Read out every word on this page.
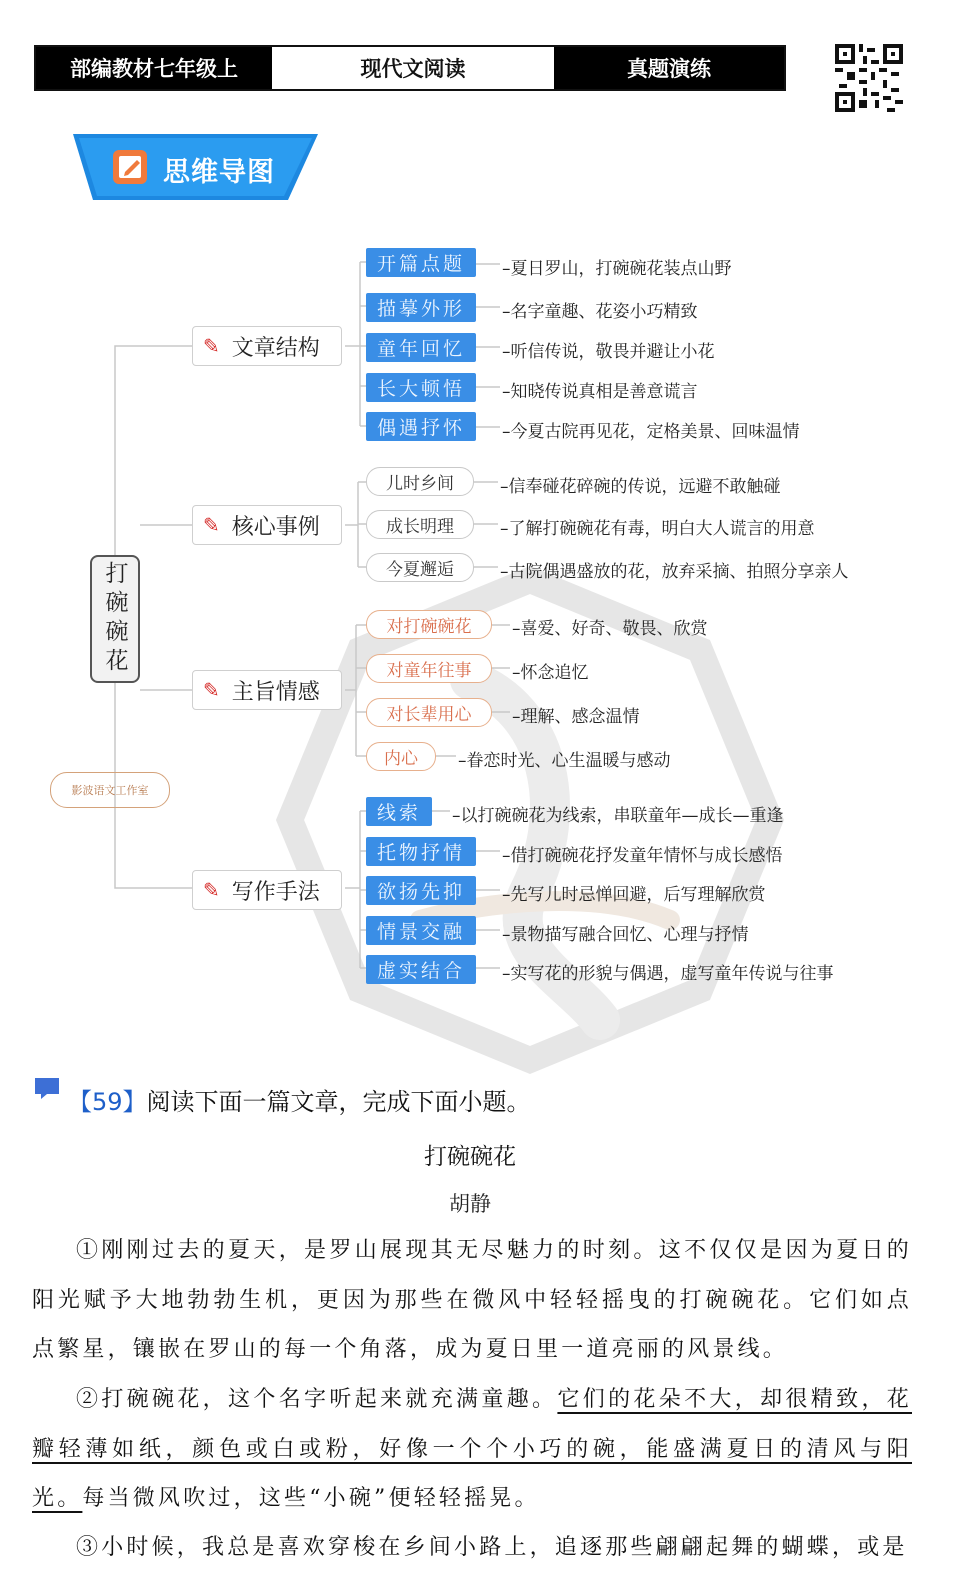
部编教材七年级上	现代文阅读	真题演练
思维导图
打碗碗花
影波语文工作室
✎ 文章结构
✎ 核心事例
✎ 主旨情感
✎ 写作手法
开篇点题	–夏日罗山，打碗碗花装点山野
描摹外形	–名字童趣、花姿小巧精致
童年回忆	–听信传说，敬畏并避让小花
长大顿悟	–知晓传说真相是善意谎言
偶遇抒怀	–今夏古院再见花，定格美景、回味温情
儿时乡间	–信奉碰花碎碗的传说，远避不敢触碰
成长明理	–了解打碗碗花有毒，明白大人谎言的用意
今夏邂逅	–古院偶遇盛放的花，放弃采摘、拍照分享亲人
对打碗碗花	–喜爱、好奇、敬畏、欣赏
对童年往事	–怀念追忆
对长辈用心	–理解、感念温情
内心	–眷恋时光、心生温暖与感动
线索	–以打碗碗花为线索，串联童年—成长—重逢
托物抒情	–借打碗碗花抒发童年情怀与成长感悟
欲扬先抑	–先写儿时忌惮回避，后写理解欣赏
情景交融	–景物描写融合回忆、心理与抒情
虚实结合	–实写花的形貌与偶遇，虚写童年传说与往事
【59】阅读下面一篇文章，完成下面小题。
打碗碗花
胡静
①刚刚过去的夏天，是罗山展现其无尽魅力的时刻。这不仅仅是因为夏日的阳光赋予大地勃勃生机，更因为那些在微风中轻轻摇曳的打碗碗花。它们如点点繁星，镶嵌在罗山的每一个角落，成为夏日里一道亮丽的风景线。
②打碗碗花，这个名字听起来就充满童趣。它们的花朵不大，却很精致，花瓣轻薄如纸，颜色或白或粉，好像一个个小巧的碗，能盛满夏日的清风与阳光。每当微风吹过，这些“小碗”便轻轻摇晃。
③小时候，我总是喜欢穿梭在乡间小路上，追逐那些翩翩起舞的蝴蝶，或是
